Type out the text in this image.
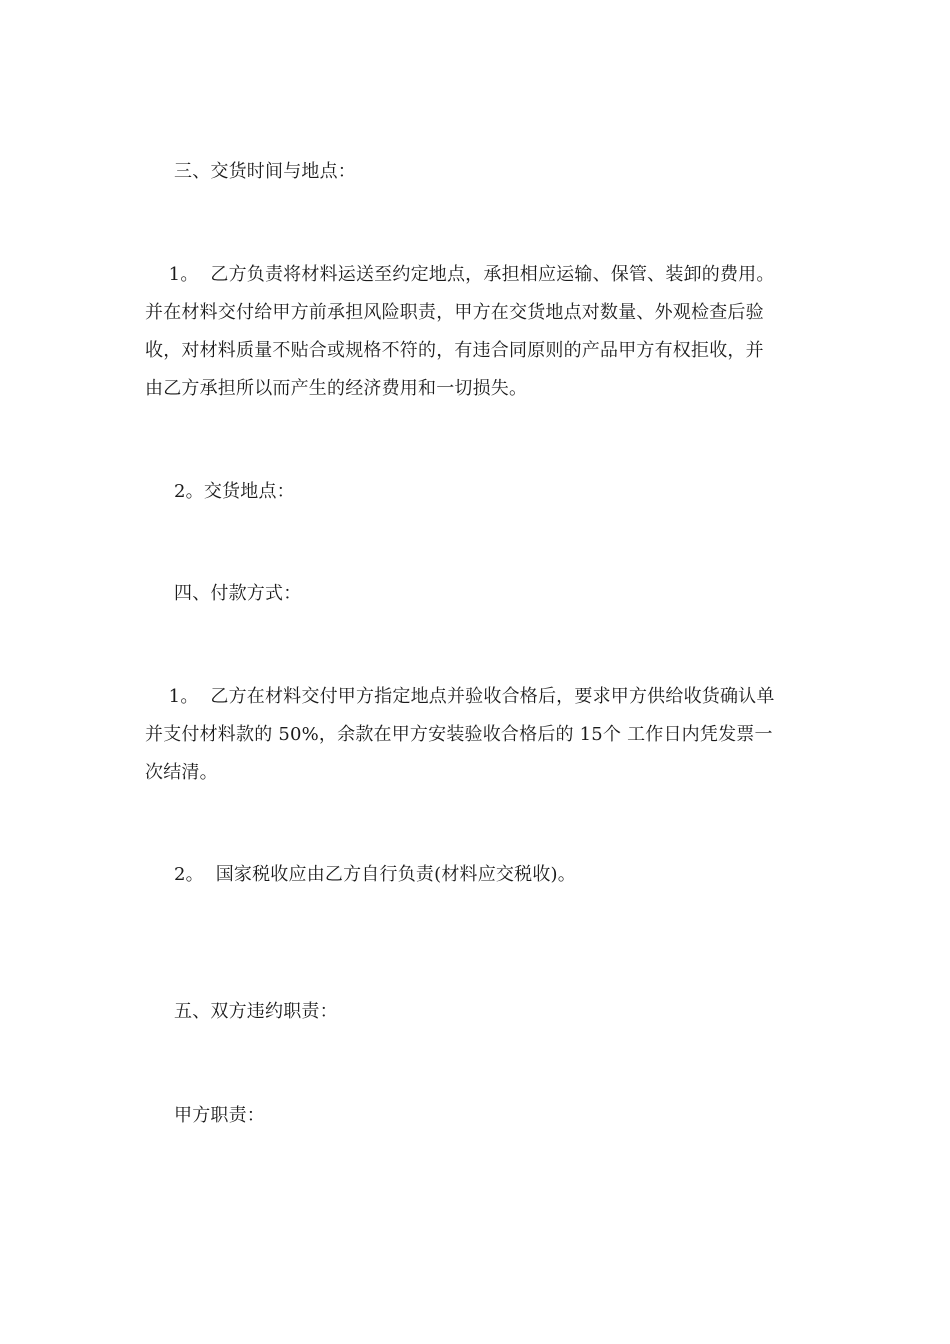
三、交货时间与地点：
1。  乙方负责将材料运送至约定地点，承担相应运输、保管、装卸的费用。
并在材料交付给甲方前承担风险职责，甲方在交货地点对数量、外观检查后验
收，对材料质量不贴合或规格不符的，有违合同原则的产品甲方有权拒收，并
由乙方承担所以而产生的经济费用和一切损失。
2。交货地点：
四、付款方式：
1。  乙方在材料交付甲方指定地点并验收合格后，要求甲方供给收货确认单
并支付材料款的 50%，余款在甲方安装验收合格后的 15个 工作日内凭发票一
次结清。
2。  国家税收应由乙方自行负责(材料应交税收)。
五、双方违约职责：
甲方职责：
